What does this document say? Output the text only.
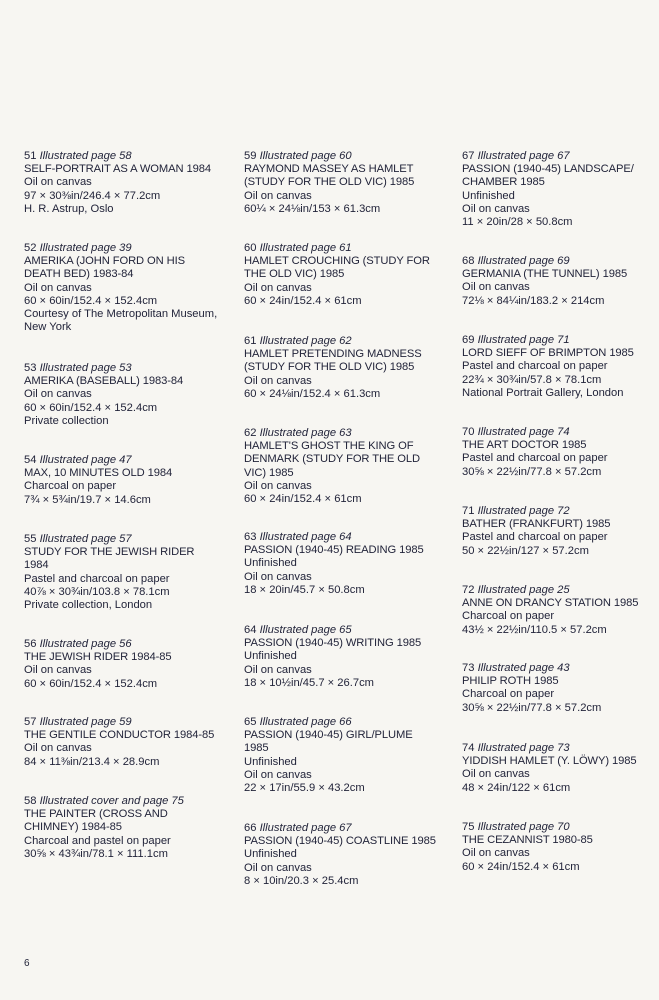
51 Illustrated page 58
SELF-PORTRAIT AS A WOMAN 1984
Oil on canvas
97 × 30⅜in/246.4 × 77.2cm
H. R. Astrup, Oslo
52 Illustrated page 39
AMERIKA (JOHN FORD ON HIS
DEATH BED) 1983-84
Oil on canvas
60 × 60in/152.4 × 152.4cm
Courtesy of The Metropolitan Museum,
New York
53 Illustrated page 53
AMERIKA (BASEBALL) 1983-84
Oil on canvas
60 × 60in/152.4 × 152.4cm
Private collection
54 Illustrated page 47
MAX, 10 MINUTES OLD 1984
Charcoal on paper
7¾ × 5¾in/19.7 × 14.6cm
55 Illustrated page 57
STUDY FOR THE JEWISH RIDER
1984
Pastel and charcoal on paper
40⅞ × 30¾in/103.8 × 78.1cm
Private collection, London
56 Illustrated page 56
THE JEWISH RIDER 1984-85
Oil on canvas
60 × 60in/152.4 × 152.4cm
57 Illustrated page 59
THE GENTILE CONDUCTOR 1984-85
Oil on canvas
84 × 11⅜in/213.4 × 28.9cm
58 Illustrated cover and page 75
THE PAINTER (CROSS AND
CHIMNEY) 1984-85
Charcoal and pastel on paper
30⅝ × 43¾in/78.1 × 111.1cm
59 Illustrated page 60
RAYMOND MASSEY AS HAMLET
(STUDY FOR THE OLD VIC) 1985
Oil on canvas
60¼ × 24⅛in/153 × 61.3cm
60 Illustrated page 61
HAMLET CROUCHING (STUDY FOR
THE OLD VIC) 1985
Oil on canvas
60 × 24in/152.4 × 61cm
61 Illustrated page 62
HAMLET PRETENDING MADNESS
(STUDY FOR THE OLD VIC) 1985
Oil on canvas
60 × 24⅛in/152.4 × 61.3cm
62 Illustrated page 63
HAMLET'S GHOST THE KING OF
DENMARK (STUDY FOR THE OLD
VIC) 1985
Oil on canvas
60 × 24in/152.4 × 61cm
63 Illustrated page 64
PASSION (1940-45) READING 1985
Unfinished
Oil on canvas
18 × 20in/45.7 × 50.8cm
64 Illustrated page 65
PASSION (1940-45) WRITING 1985
Unfinished
Oil on canvas
18 × 10½in/45.7 × 26.7cm
65 Illustrated page 66
PASSION (1940-45) GIRL/PLUME
1985
Unfinished
Oil on canvas
22 × 17in/55.9 × 43.2cm
66 Illustrated page 67
PASSION (1940-45) COASTLINE 1985
Unfinished
Oil on canvas
8 × 10in/20.3 × 25.4cm
67 Illustrated page 67
PASSION (1940-45) LANDSCAPE/
CHAMBER 1985
Unfinished
Oil on canvas
11 × 20in/28 × 50.8cm
68 Illustrated page 69
GERMANIA (THE TUNNEL) 1985
Oil on canvas
72⅛ × 84¼in/183.2 × 214cm
69 Illustrated page 71
LORD SIEFF OF BRIMPTON 1985
Pastel and charcoal on paper
22¾ × 30¾in/57.8 × 78.1cm
National Portrait Gallery, London
70 Illustrated page 74
THE ART DOCTOR 1985
Pastel and charcoal on paper
30⅝ × 22½in/77.8 × 57.2cm
71 Illustrated page 72
BATHER (FRANKFURT) 1985
Pastel and charcoal on paper
50 × 22½in/127 × 57.2cm
72 Illustrated page 25
ANNE ON DRANCY STATION 1985
Charcoal on paper
43½ × 22½in/110.5 × 57.2cm
73 Illustrated page 43
PHILIP ROTH 1985
Charcoal on paper
30⅝ × 22½in/77.8 × 57.2cm
74 Illustrated page 73
YIDDISH HAMLET (Y. LÖWY) 1985
Oil on canvas
48 × 24in/122 × 61cm
75 Illustrated page 70
THE CEZANNIST 1980-85
Oil on canvas
60 × 24in/152.4 × 61cm
6
